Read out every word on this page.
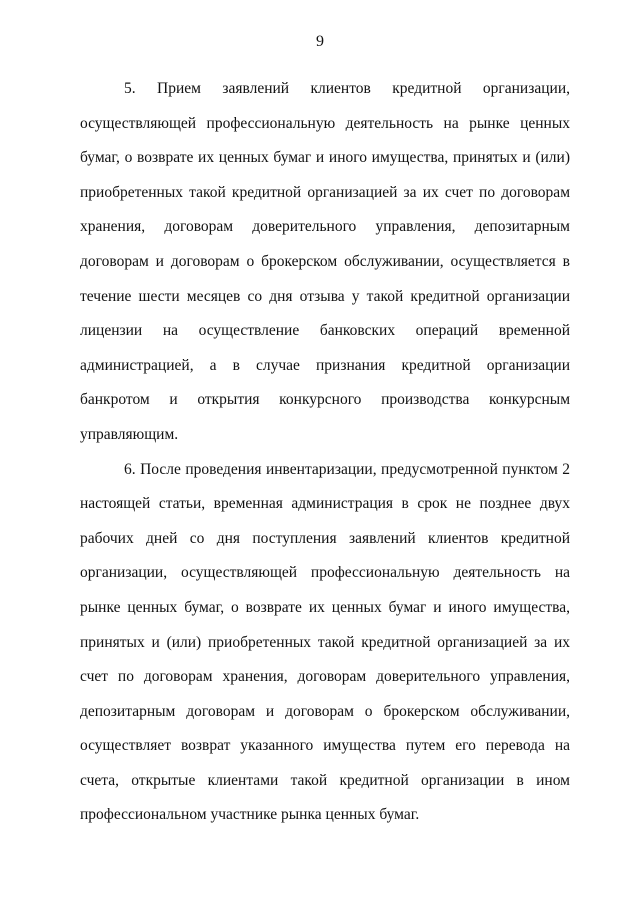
9

5. Прием заявлений клиентов кредитной организации, осуществляющей профессиональную деятельность на рынке ценных бумаг, о возврате их ценных бумаг и иного имущества, принятых и (или) приобретенных такой кредитной организацией за их счет по договорам хранения, договорам доверительного управления, депозитарным договорам и договорам о брокерском обслуживании, осуществляется в течение шести месяцев со дня отзыва у такой кредитной организации лицензии на осуществление банковских операций временной администрацией, а в случае признания кредитной организации банкротом и открытия конкурсного производства конкурсным управляющим.

6. После проведения инвентаризации, предусмотренной пунктом 2 настоящей статьи, временная администрация в срок не позднее двух рабочих дней со дня поступления заявлений клиентов кредитной организации, осуществляющей профессиональную деятельность на рынке ценных бумаг, о возврате их ценных бумаг и иного имущества, принятых и (или) приобретенных такой кредитной организацией за их счет по договорам хранения, договорам доверительного управления, депозитарным договорам и договорам о брокерском обслуживании, осуществляет возврат указанного имущества путем его перевода на счета, открытые клиентами такой кредитной организации в ином профессиональном участнике рынка ценных бумаг.
